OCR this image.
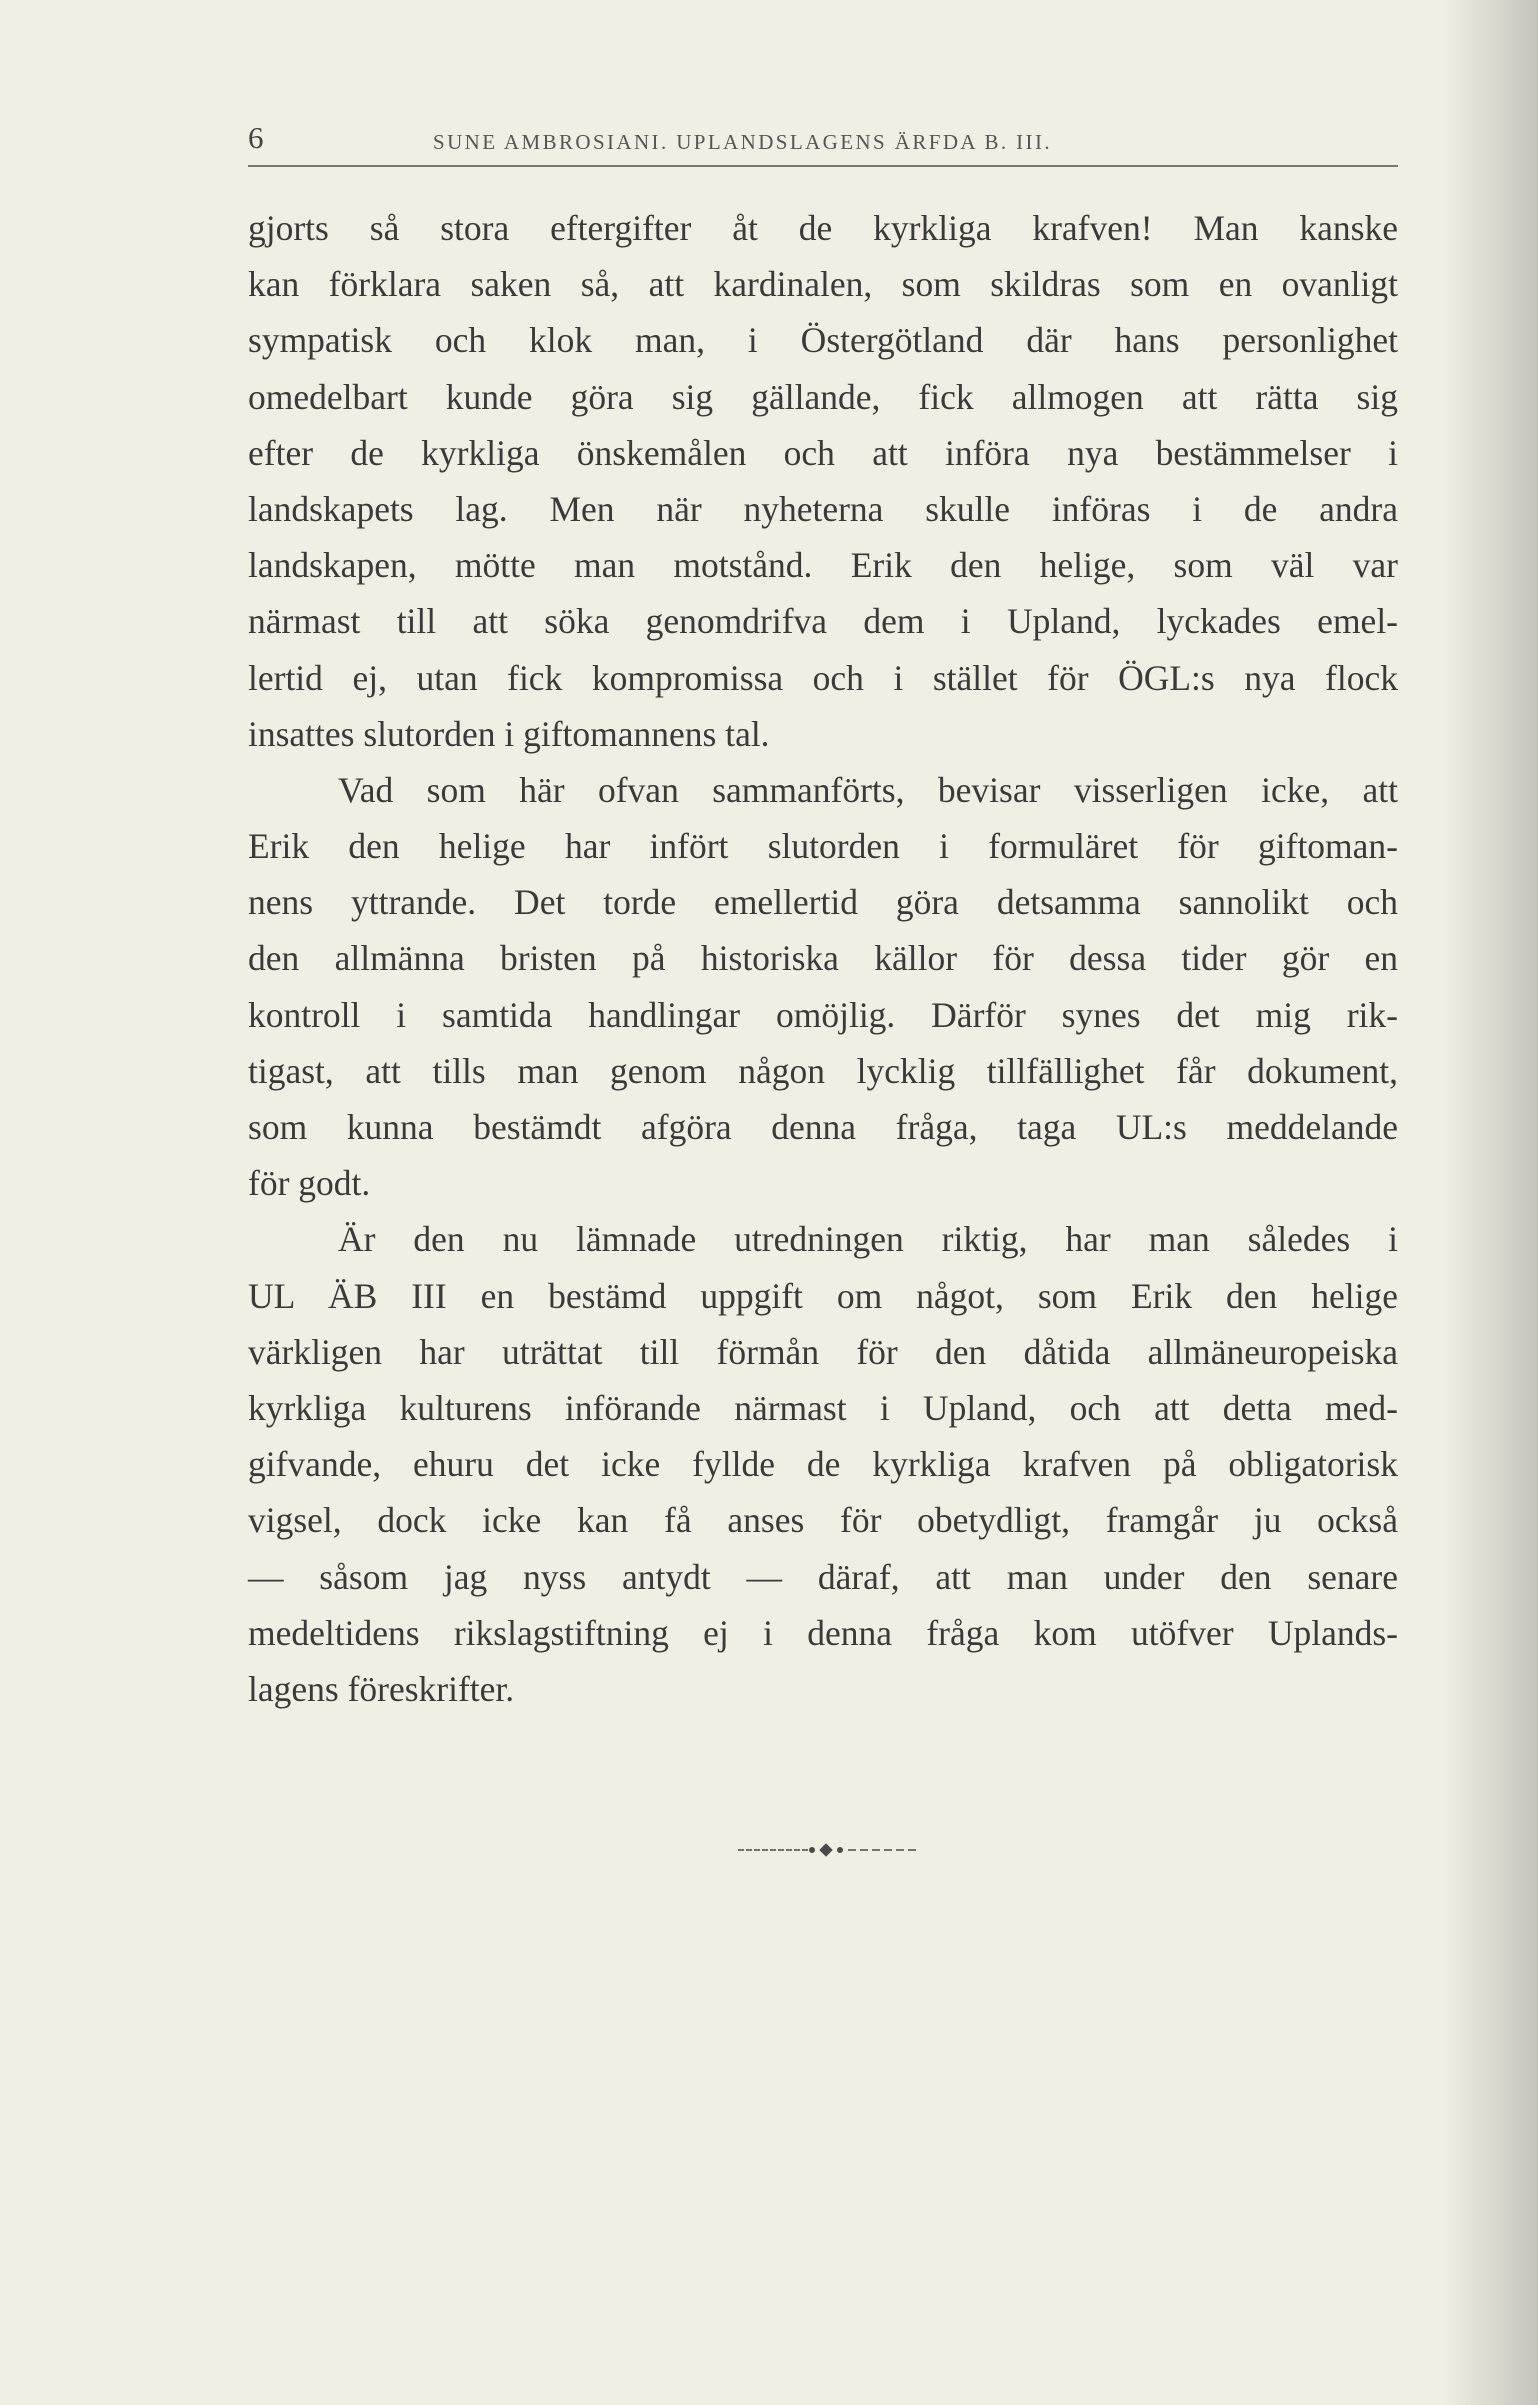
6	SUNE AMBROSIANI. UPLANDSLAGENS ÄRFDA B. III.
gjorts så stora eftergifter åt de kyrkliga krafven! Man kanske
kan förklara saken så, att kardinalen, som skildras som en ovanligt
sympatisk och klok man, i Östergötland där hans personlighet
omedelbart kunde göra sig gällande, fick allmogen att rätta sig
efter de kyrkliga önskemålen och att införa nya bestämmelser i
landskapets lag. Men när nyheterna skulle införas i de andra
landskapen, mötte man motstånd. Erik den helige, som väl var
närmast till att söka genomdrifva dem i Upland, lyckades emel-
lertid ej, utan fick kompromissa och i stället för ÖGL:s nya flock
insattes slutorden i giftomannens tal.
Vad som här ofvan sammanförts, bevisar visserligen icke, att
Erik den helige har infört slutorden i formuläret för giftoman-
nens yttrande. Det torde emellertid göra detsamma sannolikt och
den allmänna bristen på historiska källor för dessa tider gör en
kontroll i samtida handlingar omöjlig. Därför synes det mig rik-
tigast, att tills man genom någon lycklig tillfällighet får dokument,
som kunna bestämdt afgöra denna fråga, taga UL:s meddelande
för godt.
Är den nu lämnade utredningen riktig, har man således i
UL ÄB III en bestämd uppgift om något, som Erik den helige
värkligen har uträttat till förmån för den dåtida allmäneuropeiska
kyrkliga kulturens införande närmast i Upland, och att detta med-
gifvande, ehuru det icke fyllde de kyrkliga krafven på obligatorisk
vigsel, dock icke kan få anses för obetydligt, framgår ju också
— såsom jag nyss antydt — däraf, att man under den senare
medeltidens rikslagstiftning ej i denna fråga kom utöfver Uplands-
lagens föreskrifter.
